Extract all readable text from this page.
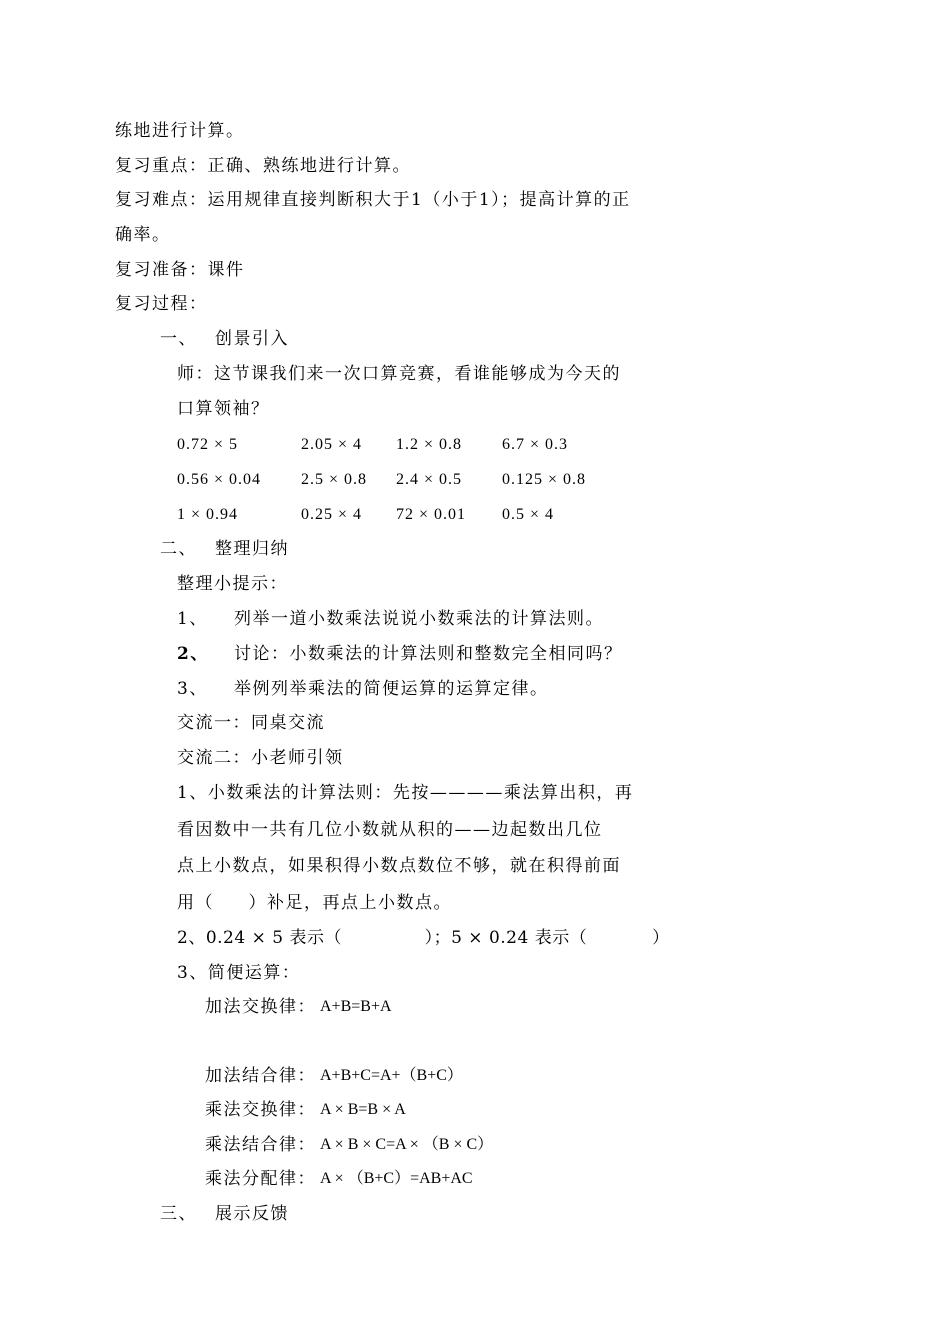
练地进行计算。
复习重点：正确、熟练地进行计算。
复习难点：运用规律直接判断积大于1（小于1）；提高计算的正
确率。
复习准备：课件
复习过程：
一、 创景引入
师：这节课我们来一次口算竞赛，看谁能够成为今天的
口算领袖？
0.72 × 5	2.05 × 4 1.2 × 0.8 6.7 × 0.3
0.56 × 0.04 2.5 × 0.8 2.4 × 0.5 0.125 × 0.8
1 × 0.94	0.25 × 4 72 × 0.01 0.5 × 4
二、 整理归纳
整理小提示：
1、 列举一道小数乘法说说小数乘法的计算法则。
2、 讨论：小数乘法的计算法则和整数完全相同吗？
3、 举例列举乘法的简便运算的运算定律。
交流一：同桌交流
交流二：小老师引领
1、小数乘法的计算法则：先按————乘法算出积，再
看因数中一共有几位小数就从积的——边起数出几位
点上小数点，如果积得小数点数位不够，就在积得前面
用（     ）补足，再点上小数点。
2、0.24 × 5 表示（              ）；5 × 0.24 表示（           ）
3、简便运算：
加法交换律： A+B=B+A
加法结合律： A+B+C=A+（B+C）
乘法交换律： A × B=B × A
乘法结合律： A × B × C=A × （B × C）
乘法分配律： A × （B+C）=AB+AC
三、 展示反馈
